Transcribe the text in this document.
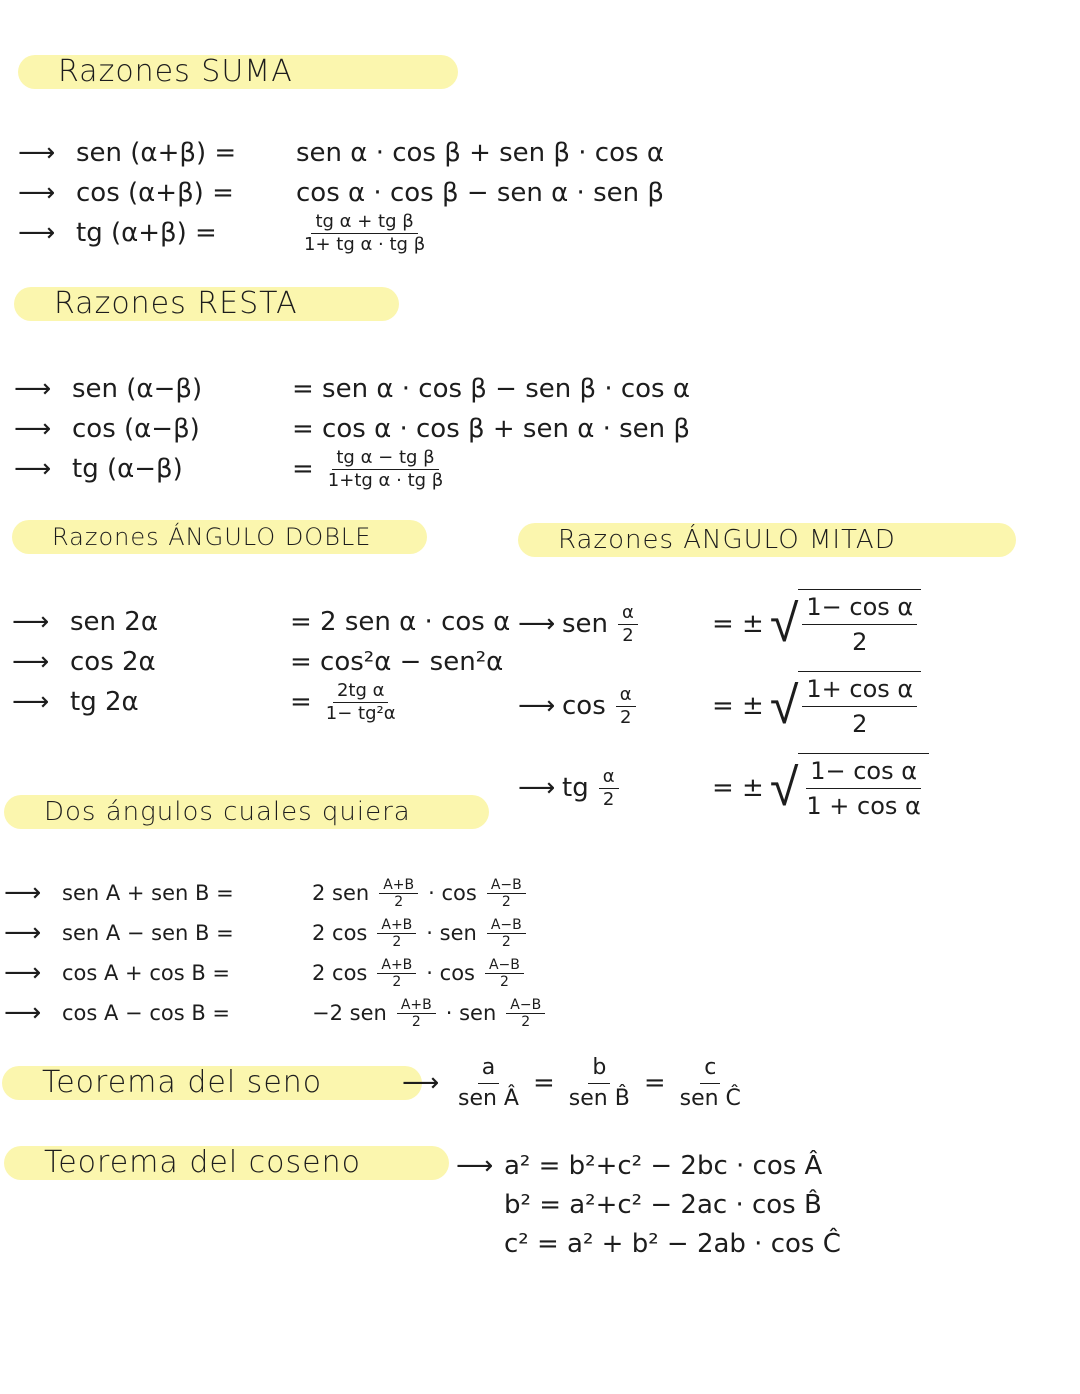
Razones SUMA
⟶ sen (α+β) = sen α · cos β + sen β · cos α
⟶ cos (α+β) = cos α · cos β − sen α · sen β
⟶ tg (α+β) =	$\frac{\text{tg α + tg β}}{\text{1+ tg α · tg β}}$
Razones RESTA
⟶ sen (α−β)	= sen α · cos β − sen β · cos α
⟶ cos (α−β)	= cos α · cos β + sen α · sen β
⟶ tg (α−β)	= $\frac{\text{tg α − tg β}}{\text{1+tg α · tg β}}$
Razones ÁNGULO DOBLE
⟶ sen 2α	= 2 sen α · cos α
⟶ cos 2α	= cos²α − sen²α
⟶ tg 2α	= $\frac{\text{2tg α}}{\text{1− tg²α}}$
Razones ÁNGULO MITAD
⟶ sen $\frac{\alpha}{2}$	= ± √ $\frac{\text{1− cos α}}{2}$
⟶ $\cos \frac{\alpha}{2}$	= ± √ $\frac{\text{1+ cos α}}{2}$
⟶ tg $\frac{\alpha}{2}$	= ± √ $\frac{\text{1− cos α}}{\text{1 + cos α}}$
Dos ángulos cuales quiera
⟶ sen A + sen B =	2 sen $\frac{A+B}{2} \cdot \cos \frac{A-B}{2}$
⟶ sen A − sen B =	2 $\cos \frac{A+B}{2}$ · sen $\frac{A-B}{2}$
⟶ cos A + cos B =	2 $\cos \frac{A+B}{2} \cdot \cos \frac{A-B}{2}$
⟶ cos A − cos B =	−2 sen $\frac{A+B}{2}$ · sen $\frac{A-B}{2}$
Teorema del seno	⟶ $\frac{a}{\text{sen Â}} = \frac{b}{\text{sen B̂}} = \frac{c}{\text{sen Ĉ}}$
Teorema del coseno	⟶ a² = b²+c² − 2bc · cos Â
b² = a²+c² − 2ac · cos B̂
c² = a² + b² − 2ab · cos Ĉ
